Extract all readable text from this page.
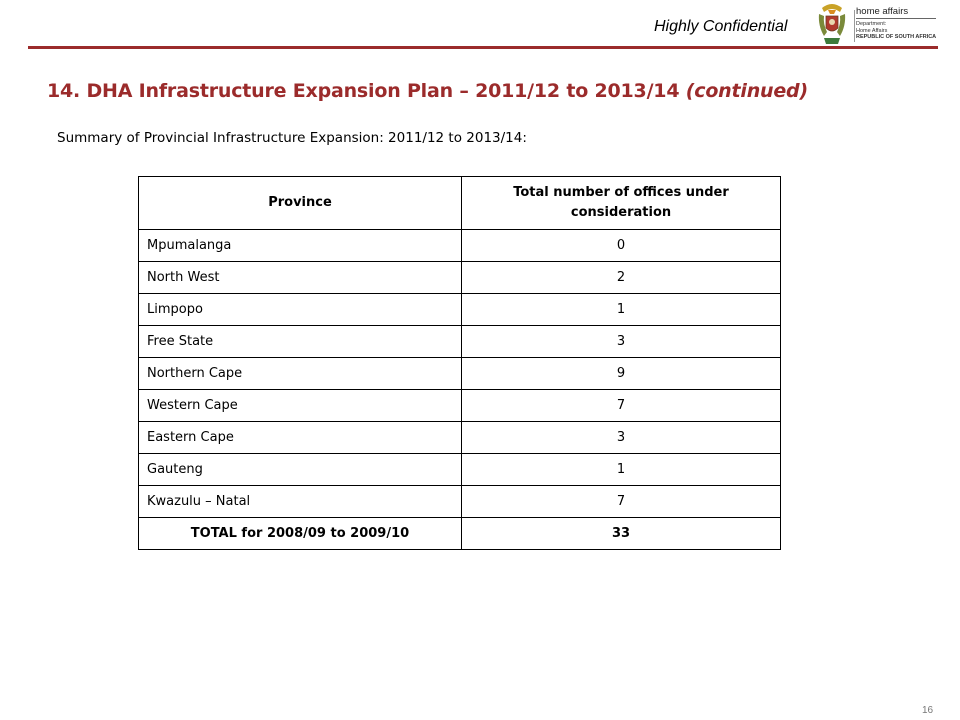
Highly Confidential
home affairs
Department:
Home Affairs
REPUBLIC OF SOUTH AFRICA
14. DHA Infrastructure Expansion Plan – 2011/12 to 2013/14 (continued)
Summary of Provincial Infrastructure Expansion: 2011/12 to 2013/14:
Province	Total number of offices under consideration
Mpumalanga	0
North West	2
Limpopo	1
Free State	3
Northern Cape	9
Western Cape	7
Eastern Cape	3
Gauteng	1
Kwazulu – Natal	7
TOTAL for 2008/09 to 2009/10	33
16
